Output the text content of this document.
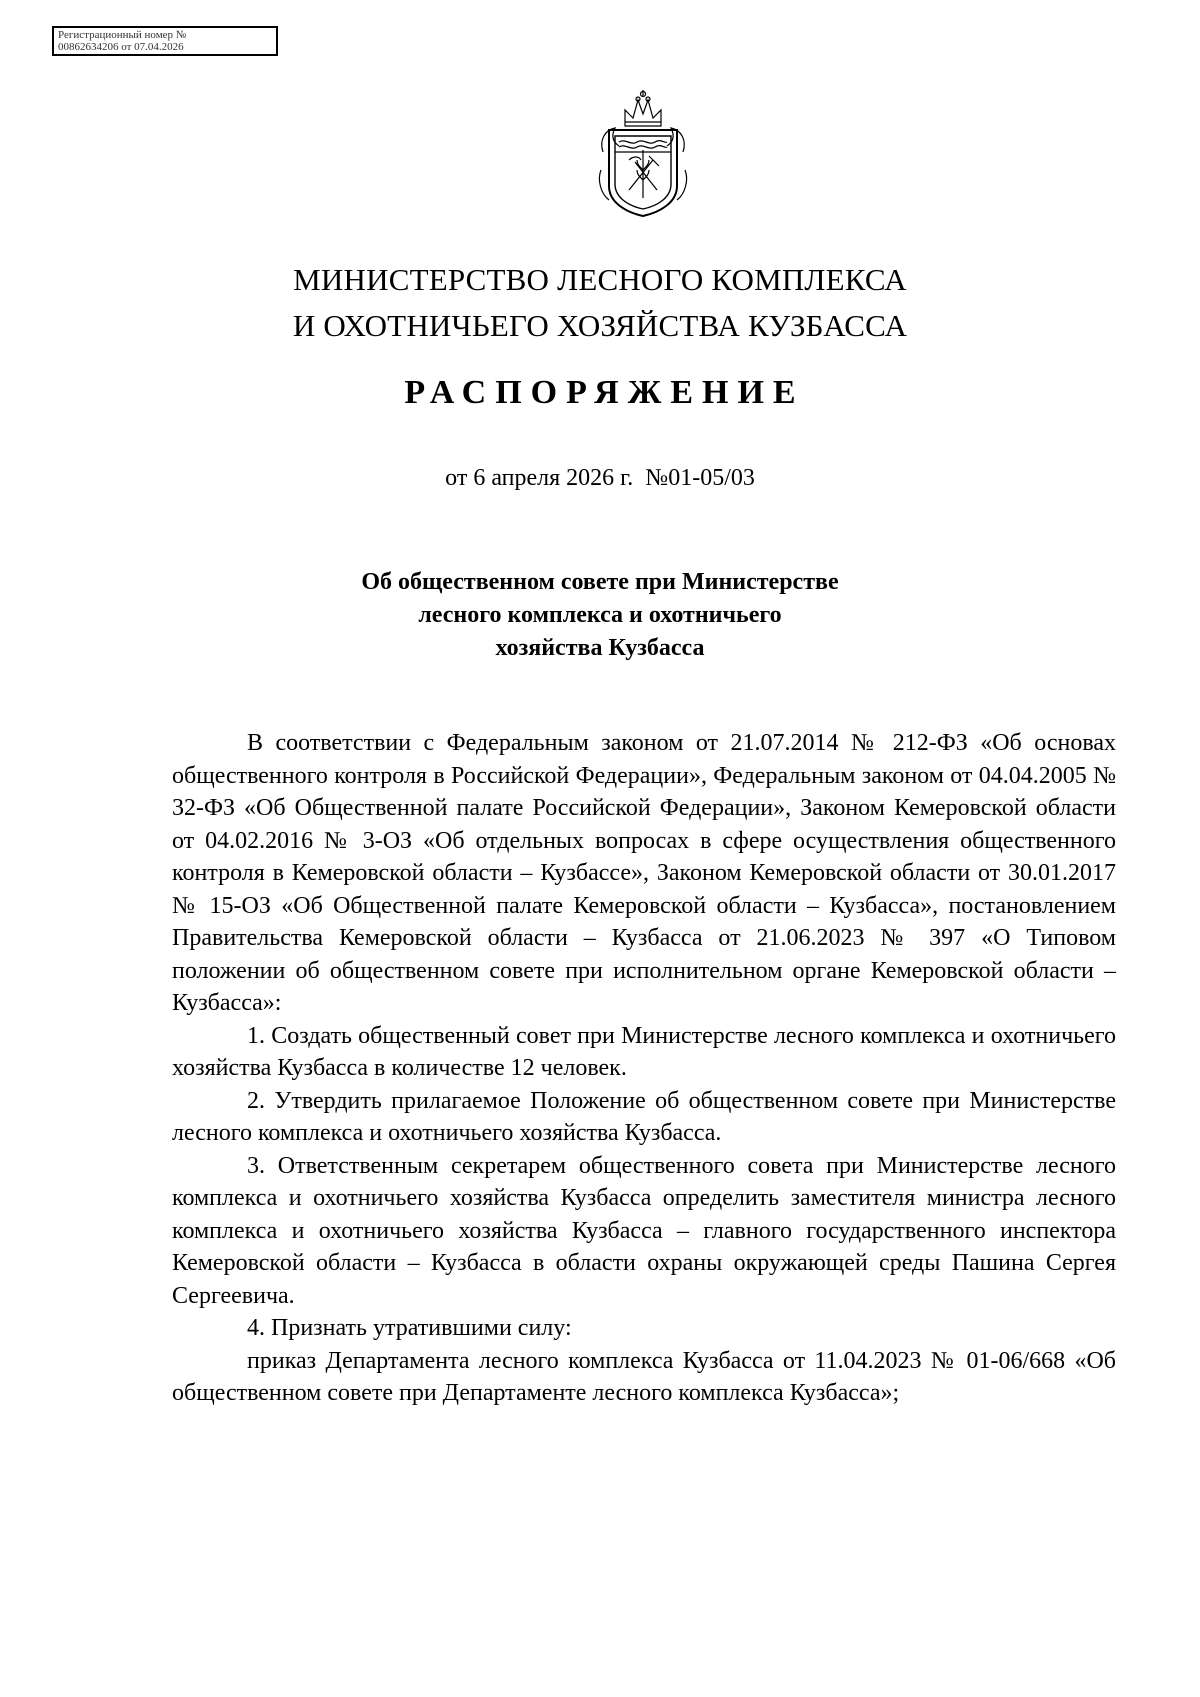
Регистрационный номер №
00862634206 от 07.04.2026
МИНИСТЕРСТВО ЛЕСНОГО КОМПЛЕКСА
И ОХОТНИЧЬЕГО ХОЗЯЙСТВА КУЗБАССА
РАСПОРЯЖЕНИЕ
от 6 апреля 2026 г.  №01-05/03
Об общественном совете при Министерстве
лесного комплекса и охотничьего
хозяйства Кузбасса

В соответствии с Федеральным законом от 21.07.2014 № 212-ФЗ «Об основах общественного контроля в Российской Федерации», Федеральным законом от 04.04.2005 № 32-ФЗ «Об Общественной палате Российской Федерации», Законом Кемеровской области от 04.02.2016 № 3-ОЗ «Об отдельных вопросах в сфере осуществления общественного контроля в Кемеровской области – Кузбассе», Законом Кемеровской области от 30.01.2017 № 15-ОЗ «Об Общественной палате Кемеровской области – Кузбасса», постановлением Правительства Кемеровской области – Кузбасса от 21.06.2023 № 397 «О Типовом положении об общественном совете при исполнительном органе Кемеровской области – Кузбасса»:

1. Создать общественный совет при Министерстве лесного комплекса и охотничьего хозяйства Кузбасса в количестве 12 человек.

2. Утвердить прилагаемое Положение об общественном совете при Министерстве лесного комплекса и охотничьего хозяйства Кузбасса.

3. Ответственным секретарем общественного совета при Министерстве лесного комплекса и охотничьего хозяйства Кузбасса определить заместителя министра лесного комплекса и охотничьего хозяйства Кузбасса – главного государственного инспектора Кемеровской области – Кузбасса в области охраны окружающей среды Пашина Сергея Сергеевича.

4. Признать утратившими силу:

приказ Департамента лесного комплекса Кузбасса от 11.04.2023 № 01-06/668 «Об общественном совете при Департаменте лесного комплекса Кузбасса»;
